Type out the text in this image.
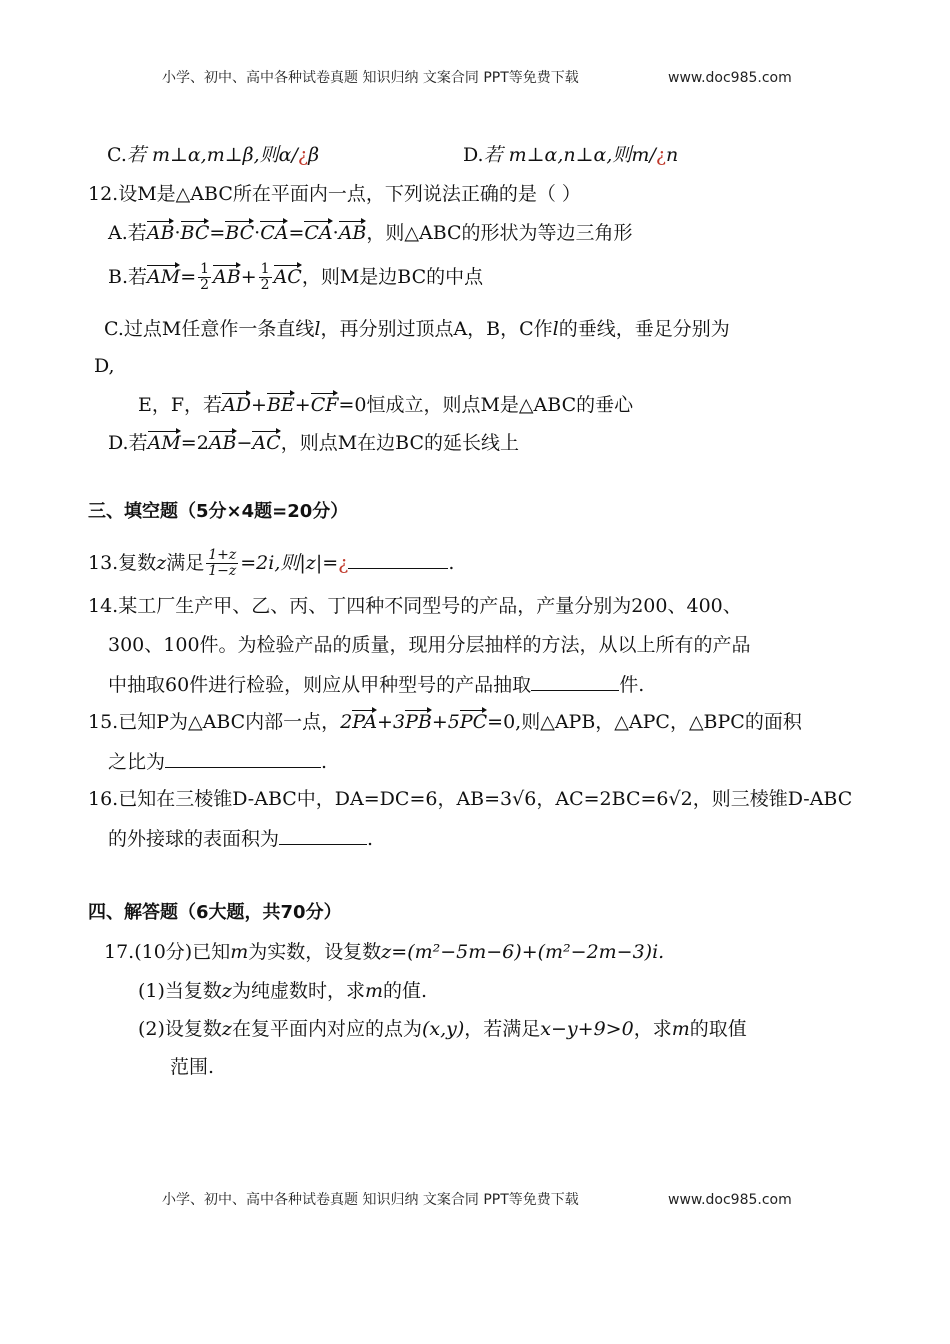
小学、初中、高中各种试卷真题 知识归纳 文案合同 PPT等免费下载	www.doc985.com
C.若 m⊥α,m⊥β,则α/¿β	D.若 m⊥α,n⊥α,则m/¿n
12.设M是△ABC所在平面内一点，下列说法正确的是（ ）
A.若AB·BC=BC·CA=CA·AB，则△ABC的形状为等边三角形
B.若$AM= \frac{1}{2} AB+ \frac{1}{2}$ AC，则M是边BC的中点
C.过点M任意作一条直线l，再分别过顶点A，B，C作l的垂线，垂足分别为
D,
E，F，若AD+BE+CF=0恒成立，则点M是△ABC的垂心
D.若AM=2AB−AC，则点M在边BC的延长线上
三、填空题（5分×4题=20分）
13.复数z满足 $\frac{1+z}{1-z} =2i$,则|z|=¿	.
14.某工厂生产甲、乙、丙、丁四种不同型号的产品，产量分别为200、400、
300、100件。为检验产品的质量，现用分层抽样的方法，从以上所有的产品
中抽取60件进行检验，则应从甲种型号的产品抽取	件.
15.已知P为△ABC内部一点，2PA+3PB+5PC=0,则△APB，△APC，△BPC的面积
之比为	.
16.已知在三棱锥D-ABC中，DA=DC=6，AB=3 √ 6，AC=2BC=6 √ 2，则三棱锥D-ABC
的外接球的表面积为	.
四、解答题（6大题，共70分）
17.(10分)已知m为实数，设复数z=(m²−5m−6)+(m²−2m−3)i.
(1)当复数z为纯虚数时，求m的值.
(2)设复数z在复平面内对应的点为(x,y)，若满足x−y+9>0，求m的取值
范围.
小学、初中、高中各种试卷真题 知识归纳 文案合同 PPT等免费下载	www.doc985.com
